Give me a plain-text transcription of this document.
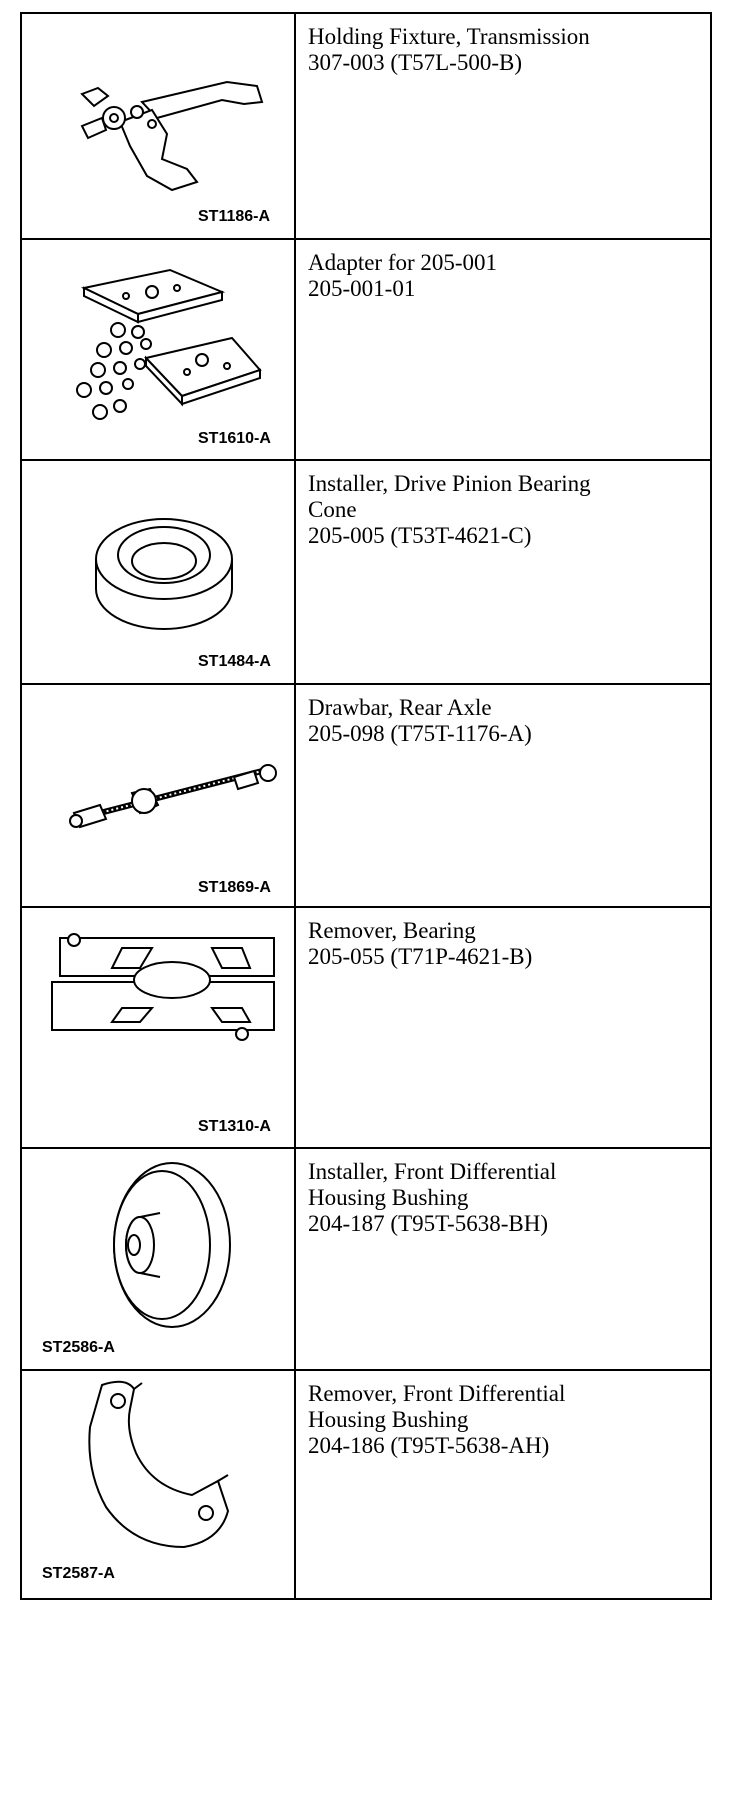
ST1186-A
Holding Fixture, Transmission
307-003 (T57L-500-B)
ST1610-A
Adapter for 205-001
205-001-01
ST1484-A
Installer, Drive Pinion Bearing
Cone
205-005 (T53T-4621-C)
ST1869-A
Drawbar, Rear Axle
205-098 (T75T-1176-A)
ST1310-A
Remover, Bearing
205-055 (T71P-4621-B)
ST2586-A
Installer, Front Differential
Housing Bushing
204-187 (T95T-5638-BH)
ST2587-A
Remover, Front Differential
Housing Bushing
204-186 (T95T-5638-AH)
